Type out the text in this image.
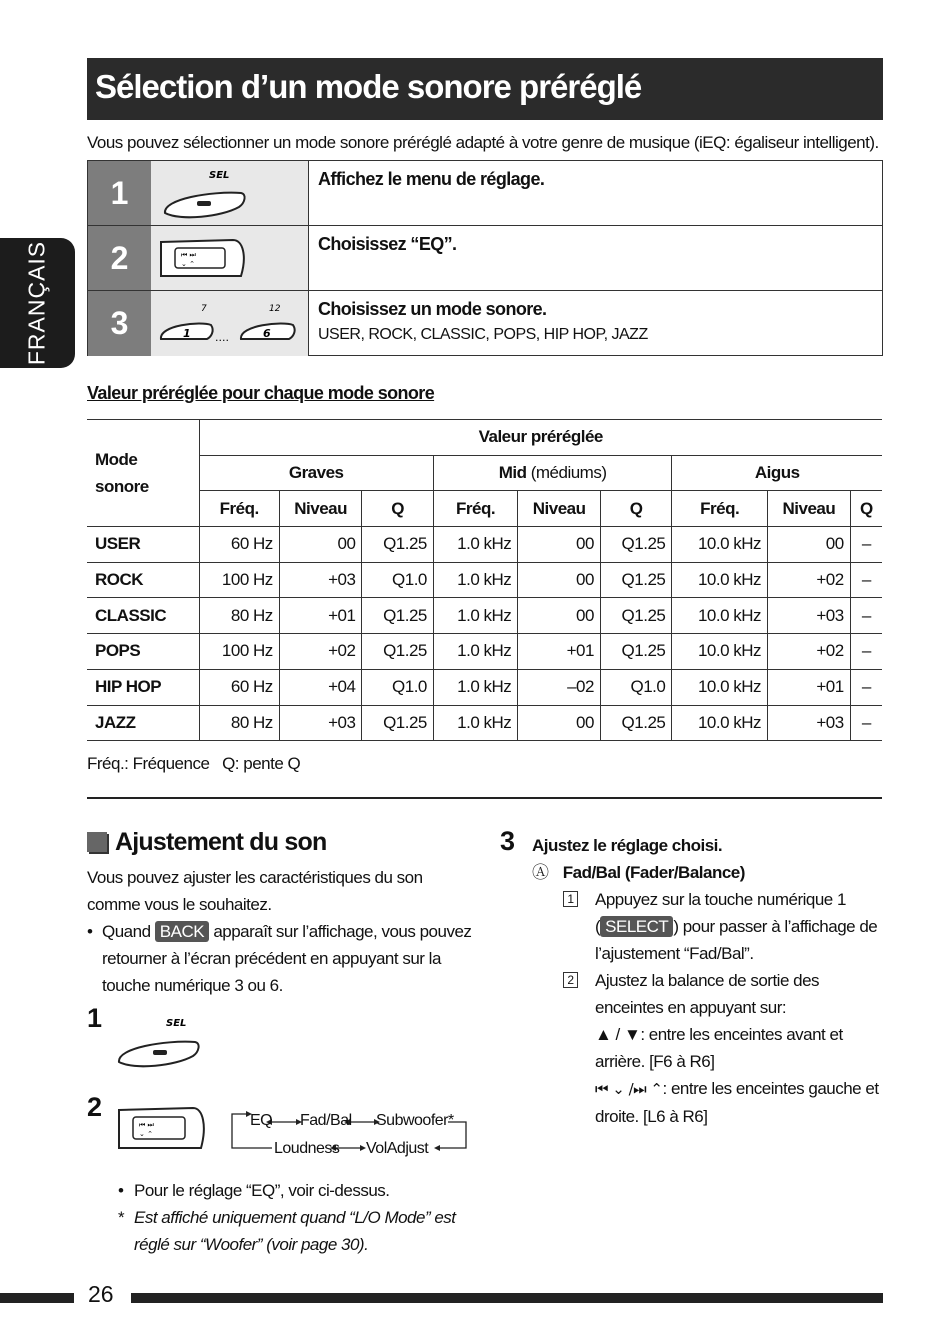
Sélection d’un mode sonore préréglé
Vous pouvez sélectionner un mode sonore préréglé adapté à votre genre de musique (iEQ: égaliseur intelligent).
FRANÇAIS
1	SEL	Affichez le menu de réglage.
2	⏮ ⏭
⌄ ⌃
Choisissez “EQ”.
3	7	12
1 ....	6
Choisissez un mode sonore.
USER, ROCK, CLASSIC, POPS, HIP HOP, JAZZ
Valeur préréglée pour chaque mode sonore
Mode
sonore	Valeur préréglée								
	Graves			Mid (médiums)			Aigus		
	Fréq.	Niveau	Q	Fréq.	Niveau	Q	Fréq.	Niveau	Q
USER	60 Hz	00	Q1.25	1.0 kHz	00	Q1.25	10.0 kHz	00	–
ROCK	100 Hz	+03	Q1.0	1.0 kHz	00	Q1.25	10.0 kHz	+02	–
CLASSIC	80 Hz	+01	Q1.25	1.0 kHz	00	Q1.25	10.0 kHz	+03	–
POPS	100 Hz	+02	Q1.25	1.0 kHz	+01	Q1.25	10.0 kHz	+02	–
HIP HOP	60 Hz	+04	Q1.0	1.0 kHz	–02	Q1.0	10.0 kHz	+01	–
JAZZ	80 Hz	+03	Q1.25	1.0 kHz	00	Q1.25	10.0 kHz	+03	–
Fréq.: Fréquence   Q: pente Q
Ajustement du son
Vous pouvez ajuster les caractéristiques du son comme vous le souhaitez.
• Quand BACK apparaît sur l’affichage, vous pouvez retourner à l’écran précédent en appuyant sur la touche numérique 3 ou 6.
1	SEL
2
⏮ ⏭
⌄ ⌃
EQ Fad/Bal Subwoofer*
Loudness VolAdjust
• Pour le réglage “EQ”, voir ci-dessus.
* Est affiché uniquement quand “L/O Mode” est réglé sur “Woofer” (voir page 30).
3 Ajustez le réglage choisi.
Ⓐ Fad/Bal (Fader/Balance)
1 Appuyez sur la touche numérique 1
( SELECT ) pour passer à l’affichage de l’ajustement “Fad/Bal”.
2 Ajustez la balance de sortie des enceintes en appuyant sur:
▲ / ▼: entre les enceintes avant et arrière. [F6 à R6]
⏮ ⌄ /⏭ ⌃: entre les enceintes gauche et droite. [L6 à R6]
26
